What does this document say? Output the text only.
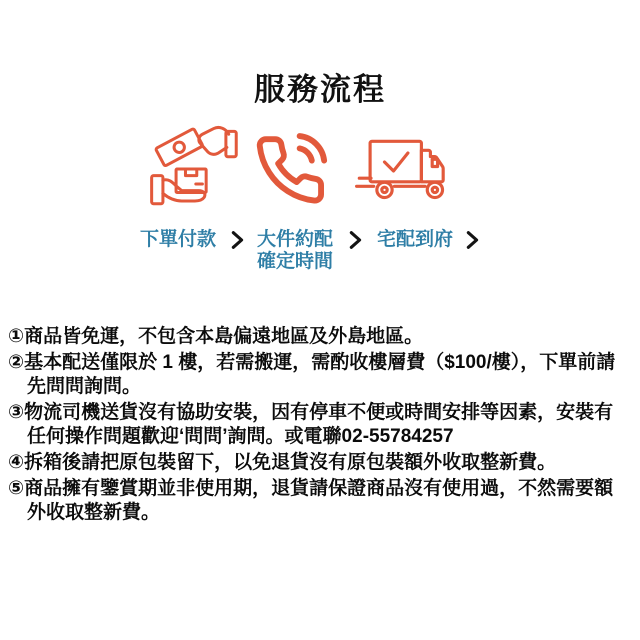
服務流程
下單付款 大件約配
確定時間
宅配到府
①商品皆免運，不包含本島偏遠地區及外島地區。
②基本配送僅限於 1 樓，若需搬運，需酌收樓層費（$100/樓），下單前請先問問詢問。
③物流司機送貨沒有協助安裝，因有停車不便或時間安排等因素，安裝有任何操作問題歡迎‘問問’詢問。或電聯02-55784257
④拆箱後請把原包裝留下，以免退貨沒有原包裝額外收取整新費。
⑤商品擁有鑒賞期並非使用期，退貨請保證商品沒有使用過，不然需要額外收取整新費。
